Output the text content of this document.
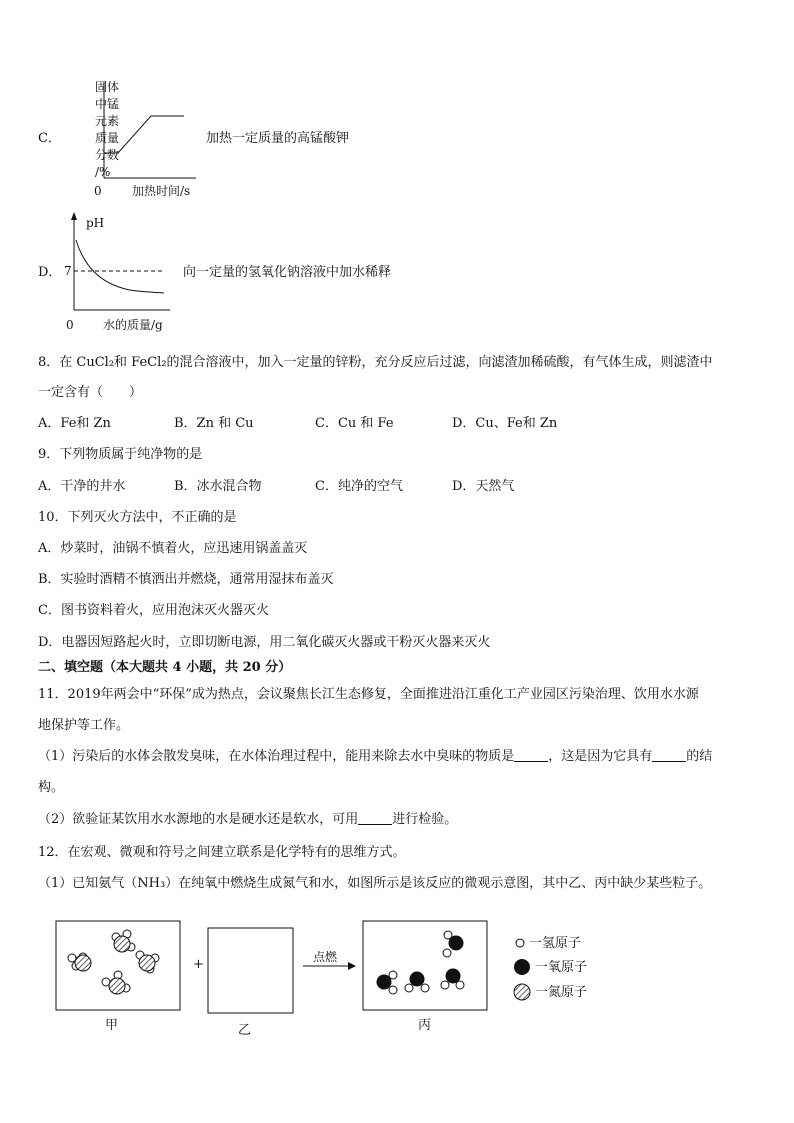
C．
固体
中锰
元素
质量
分数
/%
0	加热时间/s
加热一定质量的高锰酸钾
D．
pH
7
0 水的质量/g
向一定量的氢氧化钠溶液中加水稀释
8．在 CuCl₂和 FeCl₂的混合溶液中，加入一定量的锌粉，充分反应后过滤，向滤渣加稀硫酸，有气体生成，则滤渣中
一定含有（　　）
A．Fe和 Zn	B．Zn 和 Cu	C．Cu 和 Fe	D．Cu、Fe和 Zn
9．下列物质属于纯净物的是
A．干净的井水	B．冰水混合物	C．纯净的空气	D．天然气
10．下列灭火方法中，不正确的是
A．炒菜时，油锅不慎着火，应迅速用锅盖盖灭
B．实验时酒精不慎洒出并燃烧，通常用湿抹布盖灭
C．图书资料着火，应用泡沫灭火器灭火
D．电器因短路起火时，立即切断电源，用二氧化碳灭火器或干粉灭火器来灭火
二、填空题（本大题共 4 小题，共 20 分）
11．2019年两会中“环保”成为热点，会议聚焦长江生态修复，全面推进沿江重化工产业园区污染治理、饮用水水源
地保护等工作。
（1）污染后的水体会散发臭味，在水体治理过程中，能用来除去水中臭味的物质是	，这是因为它具有	的结
构。
（2）欲验证某饮用水水源地的水是硬水还是软水，可用	进行检验。
12．在宏观、微观和符号之间建立联系是化学特有的思维方式。
（1）已知氨气（NH₃）在纯氧中燃烧生成氮气和水，如图所示是该反应的微观示意图，其中乙、丙中缺少某些粒子。
+	点燃
甲	乙	丙
一氢原子
一氧原子
一氮原子
